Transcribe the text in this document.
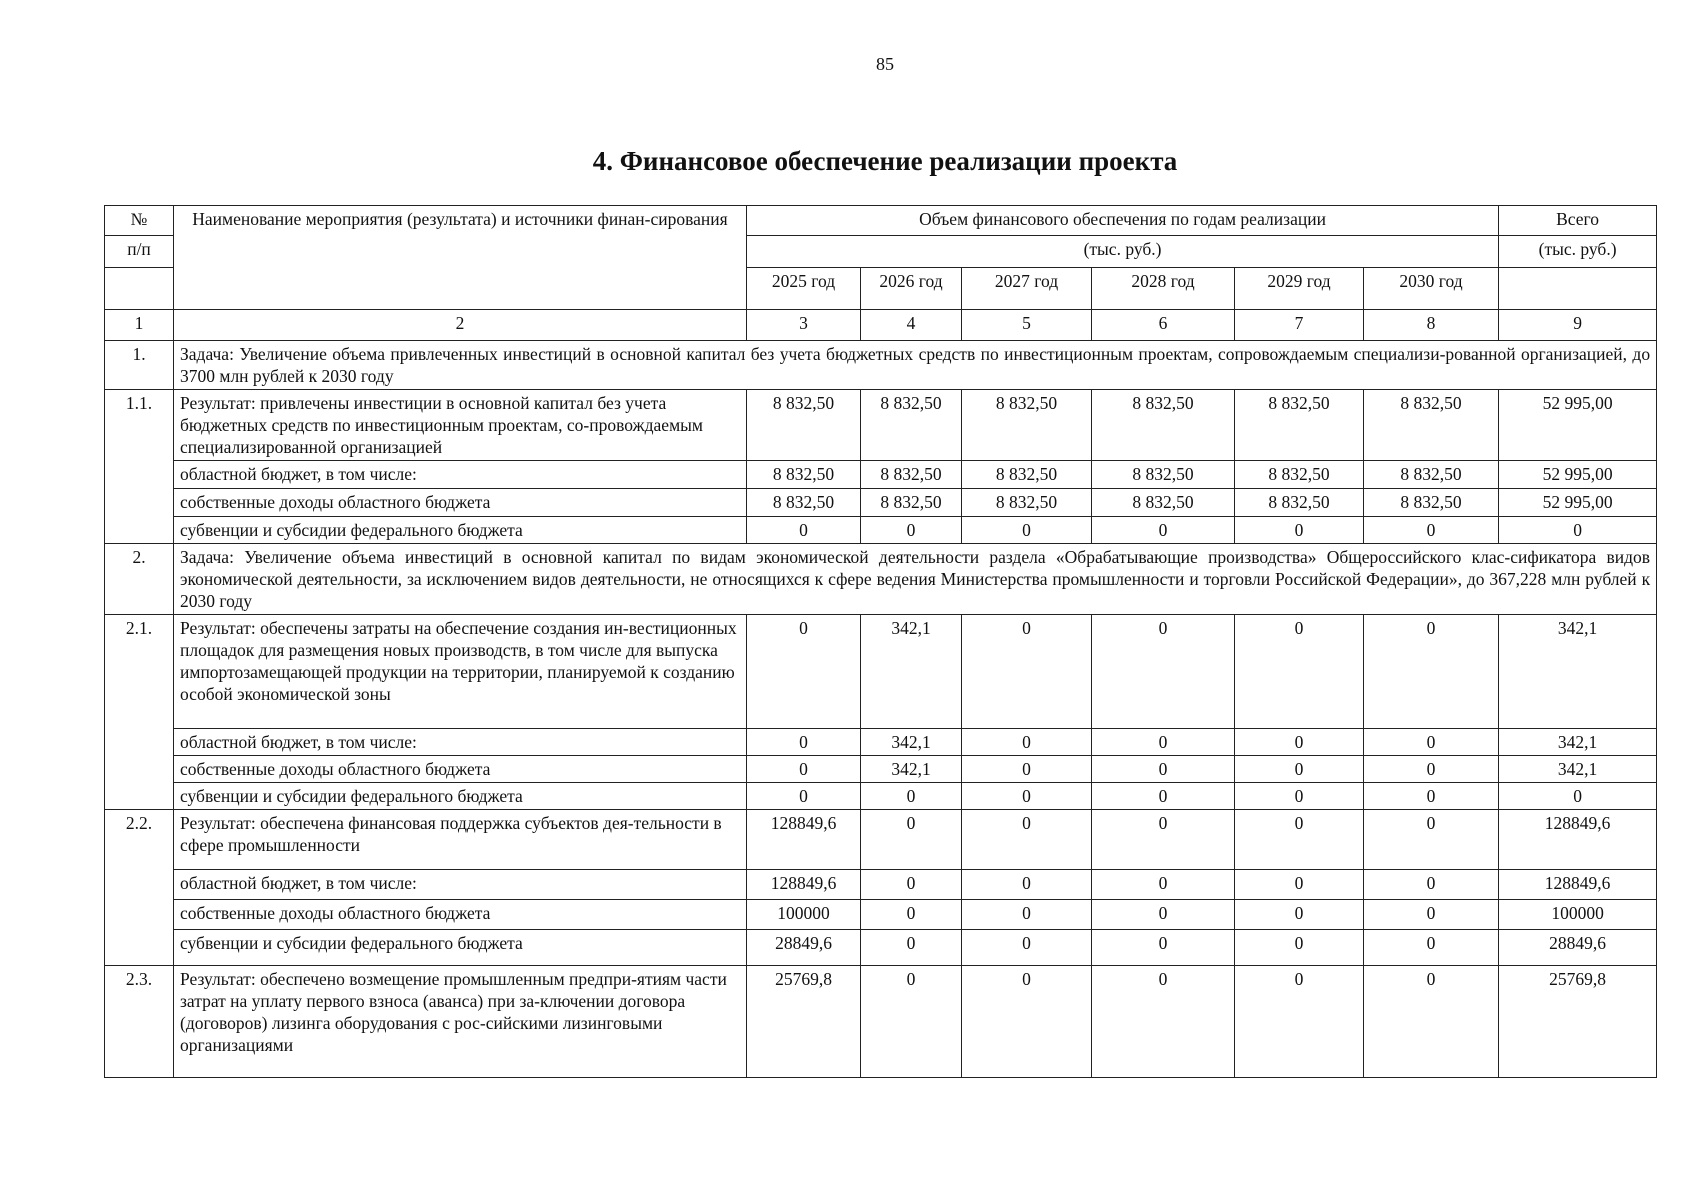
85
4. Финансовое обеспечение реализации проекта
№	Наименование мероприятия (результата) и источники финан-сирования	Объем финансового обеспечения по годам реализации						Всего
п/п		(тыс. руб.)						(тыс. руб.)
		2025 год	2026 год	2027 год	2028 год	2029 год	2030 год	
1	2	3	4	5	6	7	8	9
1.	Задача: Увеличение объема привлеченных инвестиций в основной капитал без учета бюджетных средств по инвестиционным проектам, сопровождаемым специализи-рованной организацией, до 3700 млн рублей к 2030 году							
1.1.	Результат: привлечены инвестиции в основной капитал без учета бюджетных средств по инвестиционным проектам, со-провождаемым специализированной организацией	8 832,50	8 832,50	8 832,50	8 832,50	8 832,50	8 832,50	52 995,00
	областной бюджет, в том числе:	8 832,50	8 832,50	8 832,50	8 832,50	8 832,50	8 832,50	52 995,00
	собственные доходы областного бюджета	8 832,50	8 832,50	8 832,50	8 832,50	8 832,50	8 832,50	52 995,00
	субвенции и субсидии федерального бюджета	0	0	0	0	0	0	0
2.	Задача: Увеличение объема инвестиций в основной капитал по видам экономической деятельности раздела «Обрабатывающие производства» Общероссийского клас-сификатора видов экономической деятельности, за исключением видов деятельности, не относящихся к сфере ведения Министерства промышленности и торговли Российской Федерации», до 367,228 млн рублей к 2030 году							
2.1.	Результат: обеспечены затраты на обеспечение создания ин-вестиционных площадок для размещения новых производств, в том числе для выпуска импортозамещающей продукции на территории, планируемой к созданию особой экономической зоны	0	342,1	0	0	0	0	342,1
	областной бюджет, в том числе:	0	342,1	0	0	0	0	342,1
	собственные доходы областного бюджета	0	342,1	0	0	0	0	342,1
	субвенции и субсидии федерального бюджета	0	0	0	0	0	0	0
2.2.	Результат: обеспечена финансовая поддержка субъектов дея-тельности в сфере промышленности	128849,6	0	0	0	0	0	128849,6
	областной бюджет, в том числе:	128849,6	0	0	0	0	0	128849,6
	собственные доходы областного бюджета	100000	0	0	0	0	0	100000
	субвенции и субсидии федерального бюджета	28849,6	0	0	0	0	0	28849,6
2.3.	Результат: обеспечено возмещение промышленным предпри-ятиям части затрат на уплату первого взноса (аванса) при за-ключении договора (договоров) лизинга оборудования с рос-сийскими лизинговыми организациями	25769,8	0	0	0	0	0	25769,8
